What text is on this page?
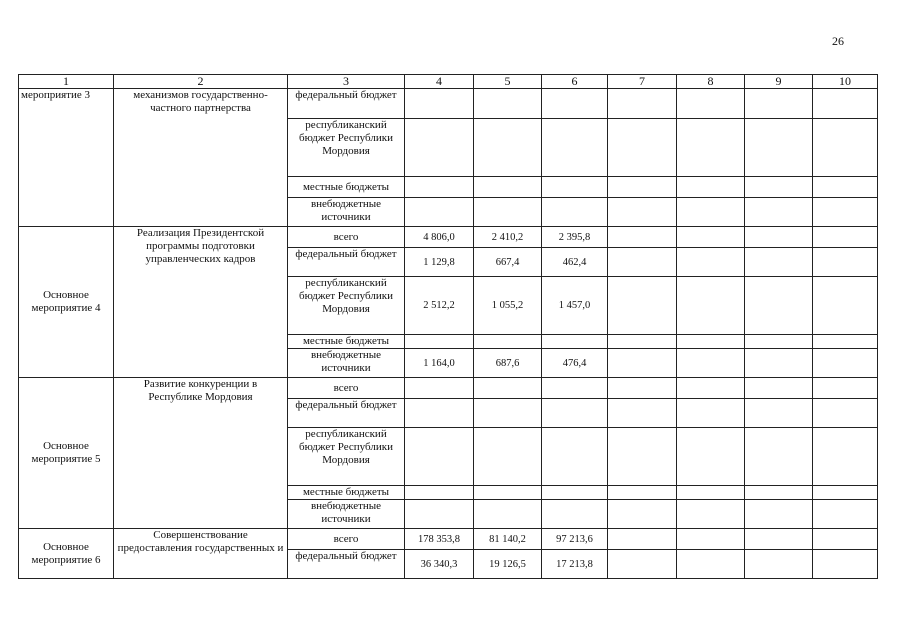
26
1	2	3	4	5	6	7	8	9	10
мероприятие 3	механизмов государственно-частного партнерства	федеральный бюджет							
		республиканский бюджет Республики Мордовия							
		местные бюджеты							
		внебюджетные источники							
Основное мероприятие 4	Реализация Президентской программы подготовки управленческих кадров	всего	4 806,0	2 410,2	2 395,8				
		федеральный бюджет	1 129,8	667,4	462,4				
		республиканский бюджет Республики Мордовия	2 512,2	1 055,2	1 457,0				
		местные бюджеты							
		внебюджетные источники	1 164,0	687,6	476,4				
Основное мероприятие 5	Развитие конкуренции в Республике Мордовия	всего							
		федеральный бюджет							
		республиканский бюджет Республики Мордовия							
		местные бюджеты							
		внебюджетные источники							
Основное мероприятие 6	Совершенствование предоставления государственных и	всего	178 353,8	81 140,2	97 213,6				
		федеральный бюджет	36 340,3	19 126,5	17 213,8				
